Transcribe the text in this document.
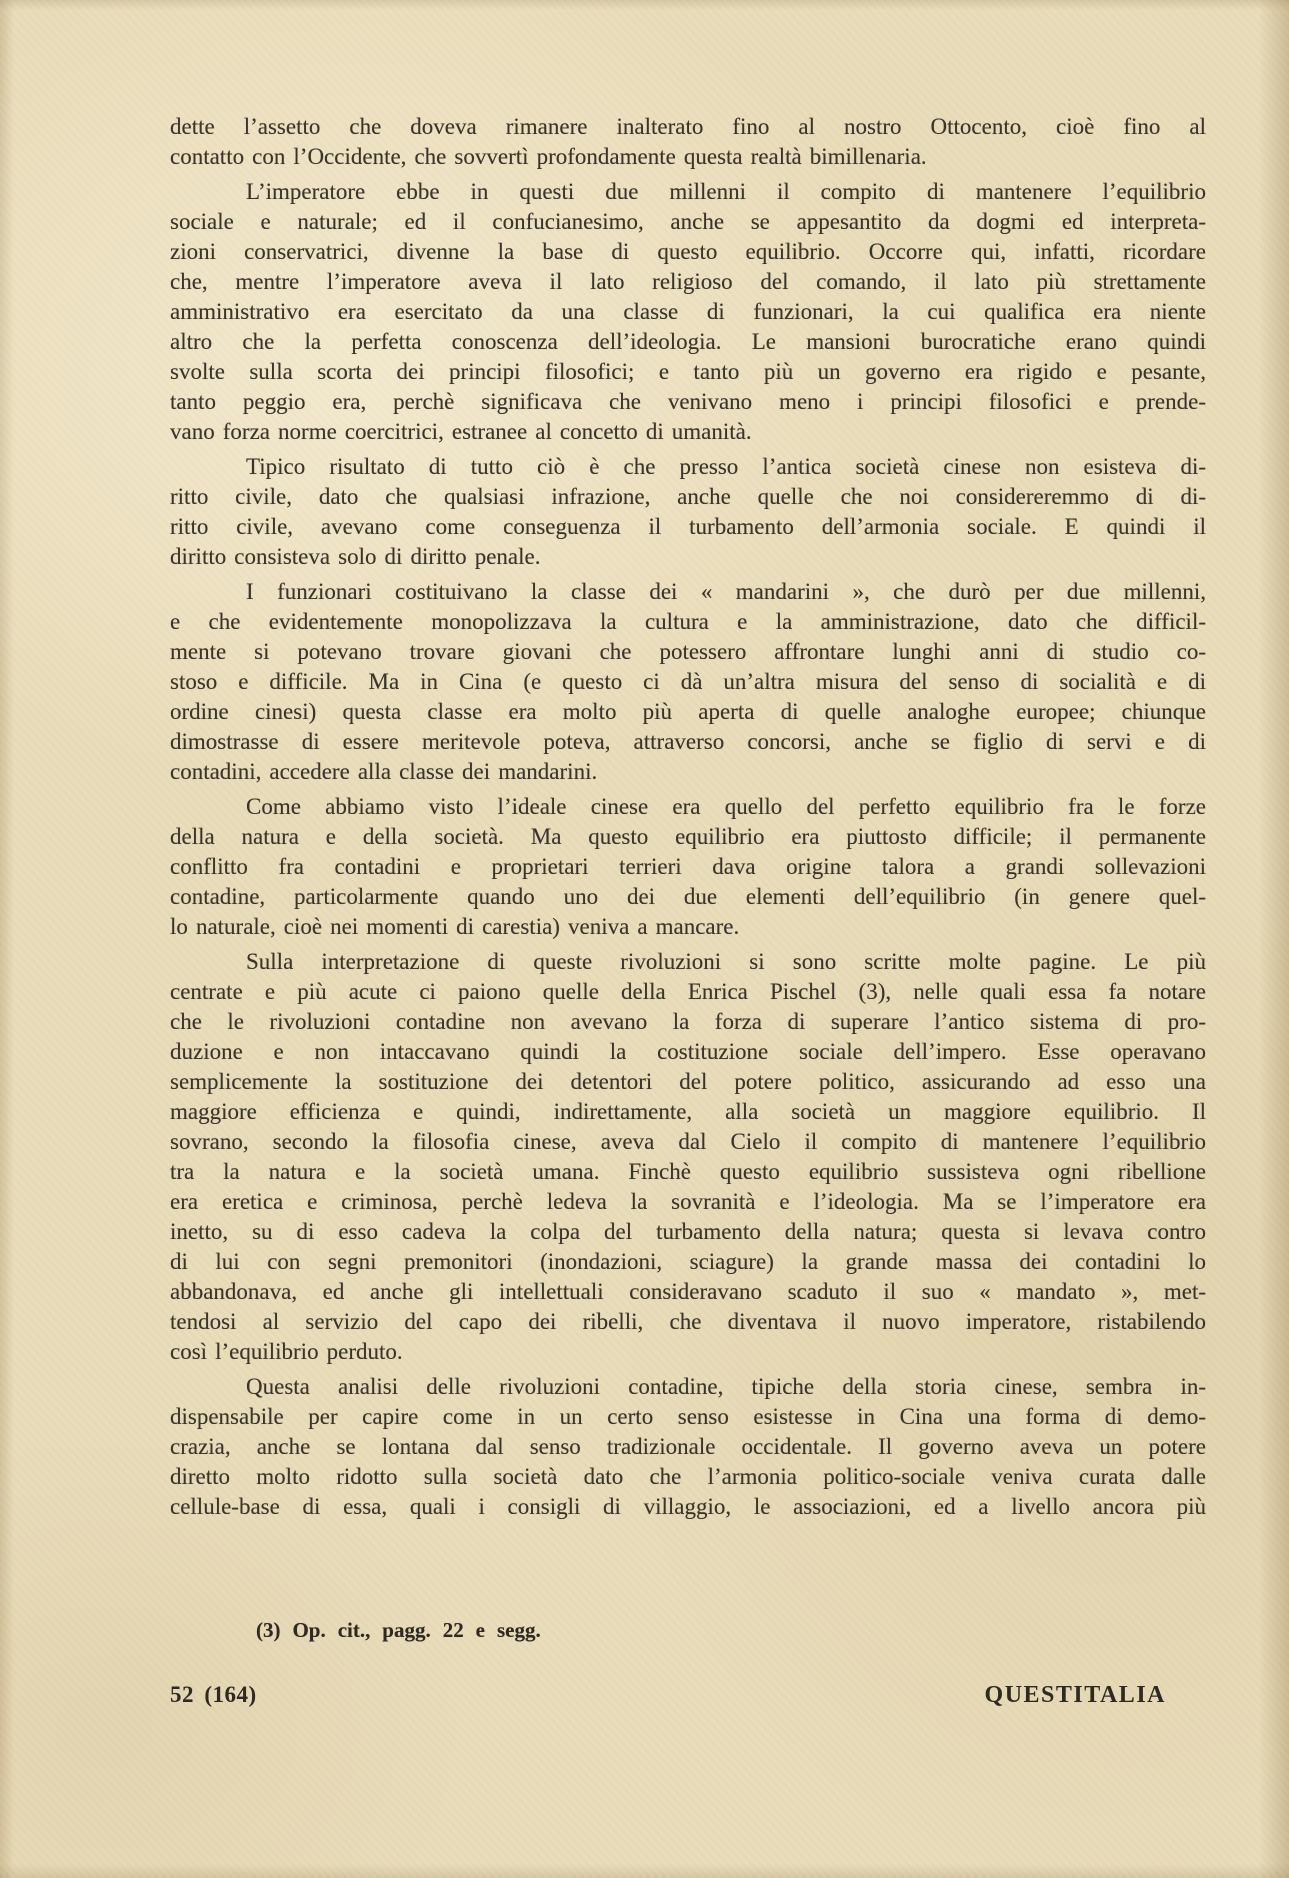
dette l’assetto che doveva rimanere inalterato fino al nostro Ottocento, cioè fino al
contatto con l’Occidente, che sovvertì profondamente questa realtà bimillenaria.
L’imperatore ebbe in questi due millenni il compito di mantenere l’equilibrio
sociale e naturale; ed il confucianesimo, anche se appesantito da dogmi ed interpreta-
zioni conservatrici, divenne la base di questo equilibrio. Occorre qui, infatti, ricordare
che, mentre l’imperatore aveva il lato religioso del comando, il lato più strettamente
amministrativo era esercitato da una classe di funzionari, la cui qualifica era niente
altro che la perfetta conoscenza dell’ideologia. Le mansioni burocratiche erano quindi
svolte sulla scorta dei principi filosofici; e tanto più un governo era rigido e pesante,
tanto peggio era, perchè significava che venivano meno i principi filosofici e prende-
vano forza norme coercitrici, estranee al concetto di umanità.
Tipico risultato di tutto ciò è che presso l’antica società cinese non esisteva di-
ritto civile, dato che qualsiasi infrazione, anche quelle che noi considereremmo di di-
ritto civile, avevano come conseguenza il turbamento dell’armonia sociale. E quindi il
diritto consisteva solo di diritto penale.
I funzionari costituivano la classe dei « mandarini », che durò per due millenni,
e che evidentemente monopolizzava la cultura e la amministrazione, dato che difficil-
mente si potevano trovare giovani che potessero affrontare lunghi anni di studio co-
stoso e difficile. Ma in Cina (e questo ci dà un’altra misura del senso di socialità e di
ordine cinesi) questa classe era molto più aperta di quelle analoghe europee; chiunque
dimostrasse di essere meritevole poteva, attraverso concorsi, anche se figlio di servi e di
contadini, accedere alla classe dei mandarini.
Come abbiamo visto l’ideale cinese era quello del perfetto equilibrio fra le forze
della natura e della società. Ma questo equilibrio era piuttosto difficile; il permanente
conflitto fra contadini e proprietari terrieri dava origine talora a grandi sollevazioni
contadine, particolarmente quando uno dei due elementi dell’equilibrio (in genere quel-
lo naturale, cioè nei momenti di carestia) veniva a mancare.
Sulla interpretazione di queste rivoluzioni si sono scritte molte pagine. Le più
centrate e più acute ci paiono quelle della Enrica Pischel (3), nelle quali essa fa notare
che le rivoluzioni contadine non avevano la forza di superare l’antico sistema di pro-
duzione e non intaccavano quindi la costituzione sociale dell’impero. Esse operavano
semplicemente la sostituzione dei detentori del potere politico, assicurando ad esso una
maggiore efficienza e quindi, indirettamente, alla società un maggiore equilibrio. Il
sovrano, secondo la filosofia cinese, aveva dal Cielo il compito di mantenere l’equilibrio
tra la natura e la società umana. Finchè questo equilibrio sussisteva ogni ribellione
era eretica e criminosa, perchè ledeva la sovranità e l’ideologia. Ma se l’imperatore era
inetto, su di esso cadeva la colpa del turbamento della natura; questa si levava contro
di lui con segni premonitori (inondazioni, sciagure) la grande massa dei contadini lo
abbandonava, ed anche gli intellettuali consideravano scaduto il suo « mandato », met-
tendosi al servizio del capo dei ribelli, che diventava il nuovo imperatore, ristabilendo
così l’equilibrio perduto.
Questa analisi delle rivoluzioni contadine, tipiche della storia cinese, sembra in-
dispensabile per capire come in un certo senso esistesse in Cina una forma di demo-
crazia, anche se lontana dal senso tradizionale occidentale. Il governo aveva un potere
diretto molto ridotto sulla società dato che l’armonia politico-sociale veniva curata dalle
cellule-base di essa, quali i consigli di villaggio, le associazioni, ed a livello ancora più
(3) Op. cit., pagg. 22 e segg.
52 (164)	QUESTITALIA
